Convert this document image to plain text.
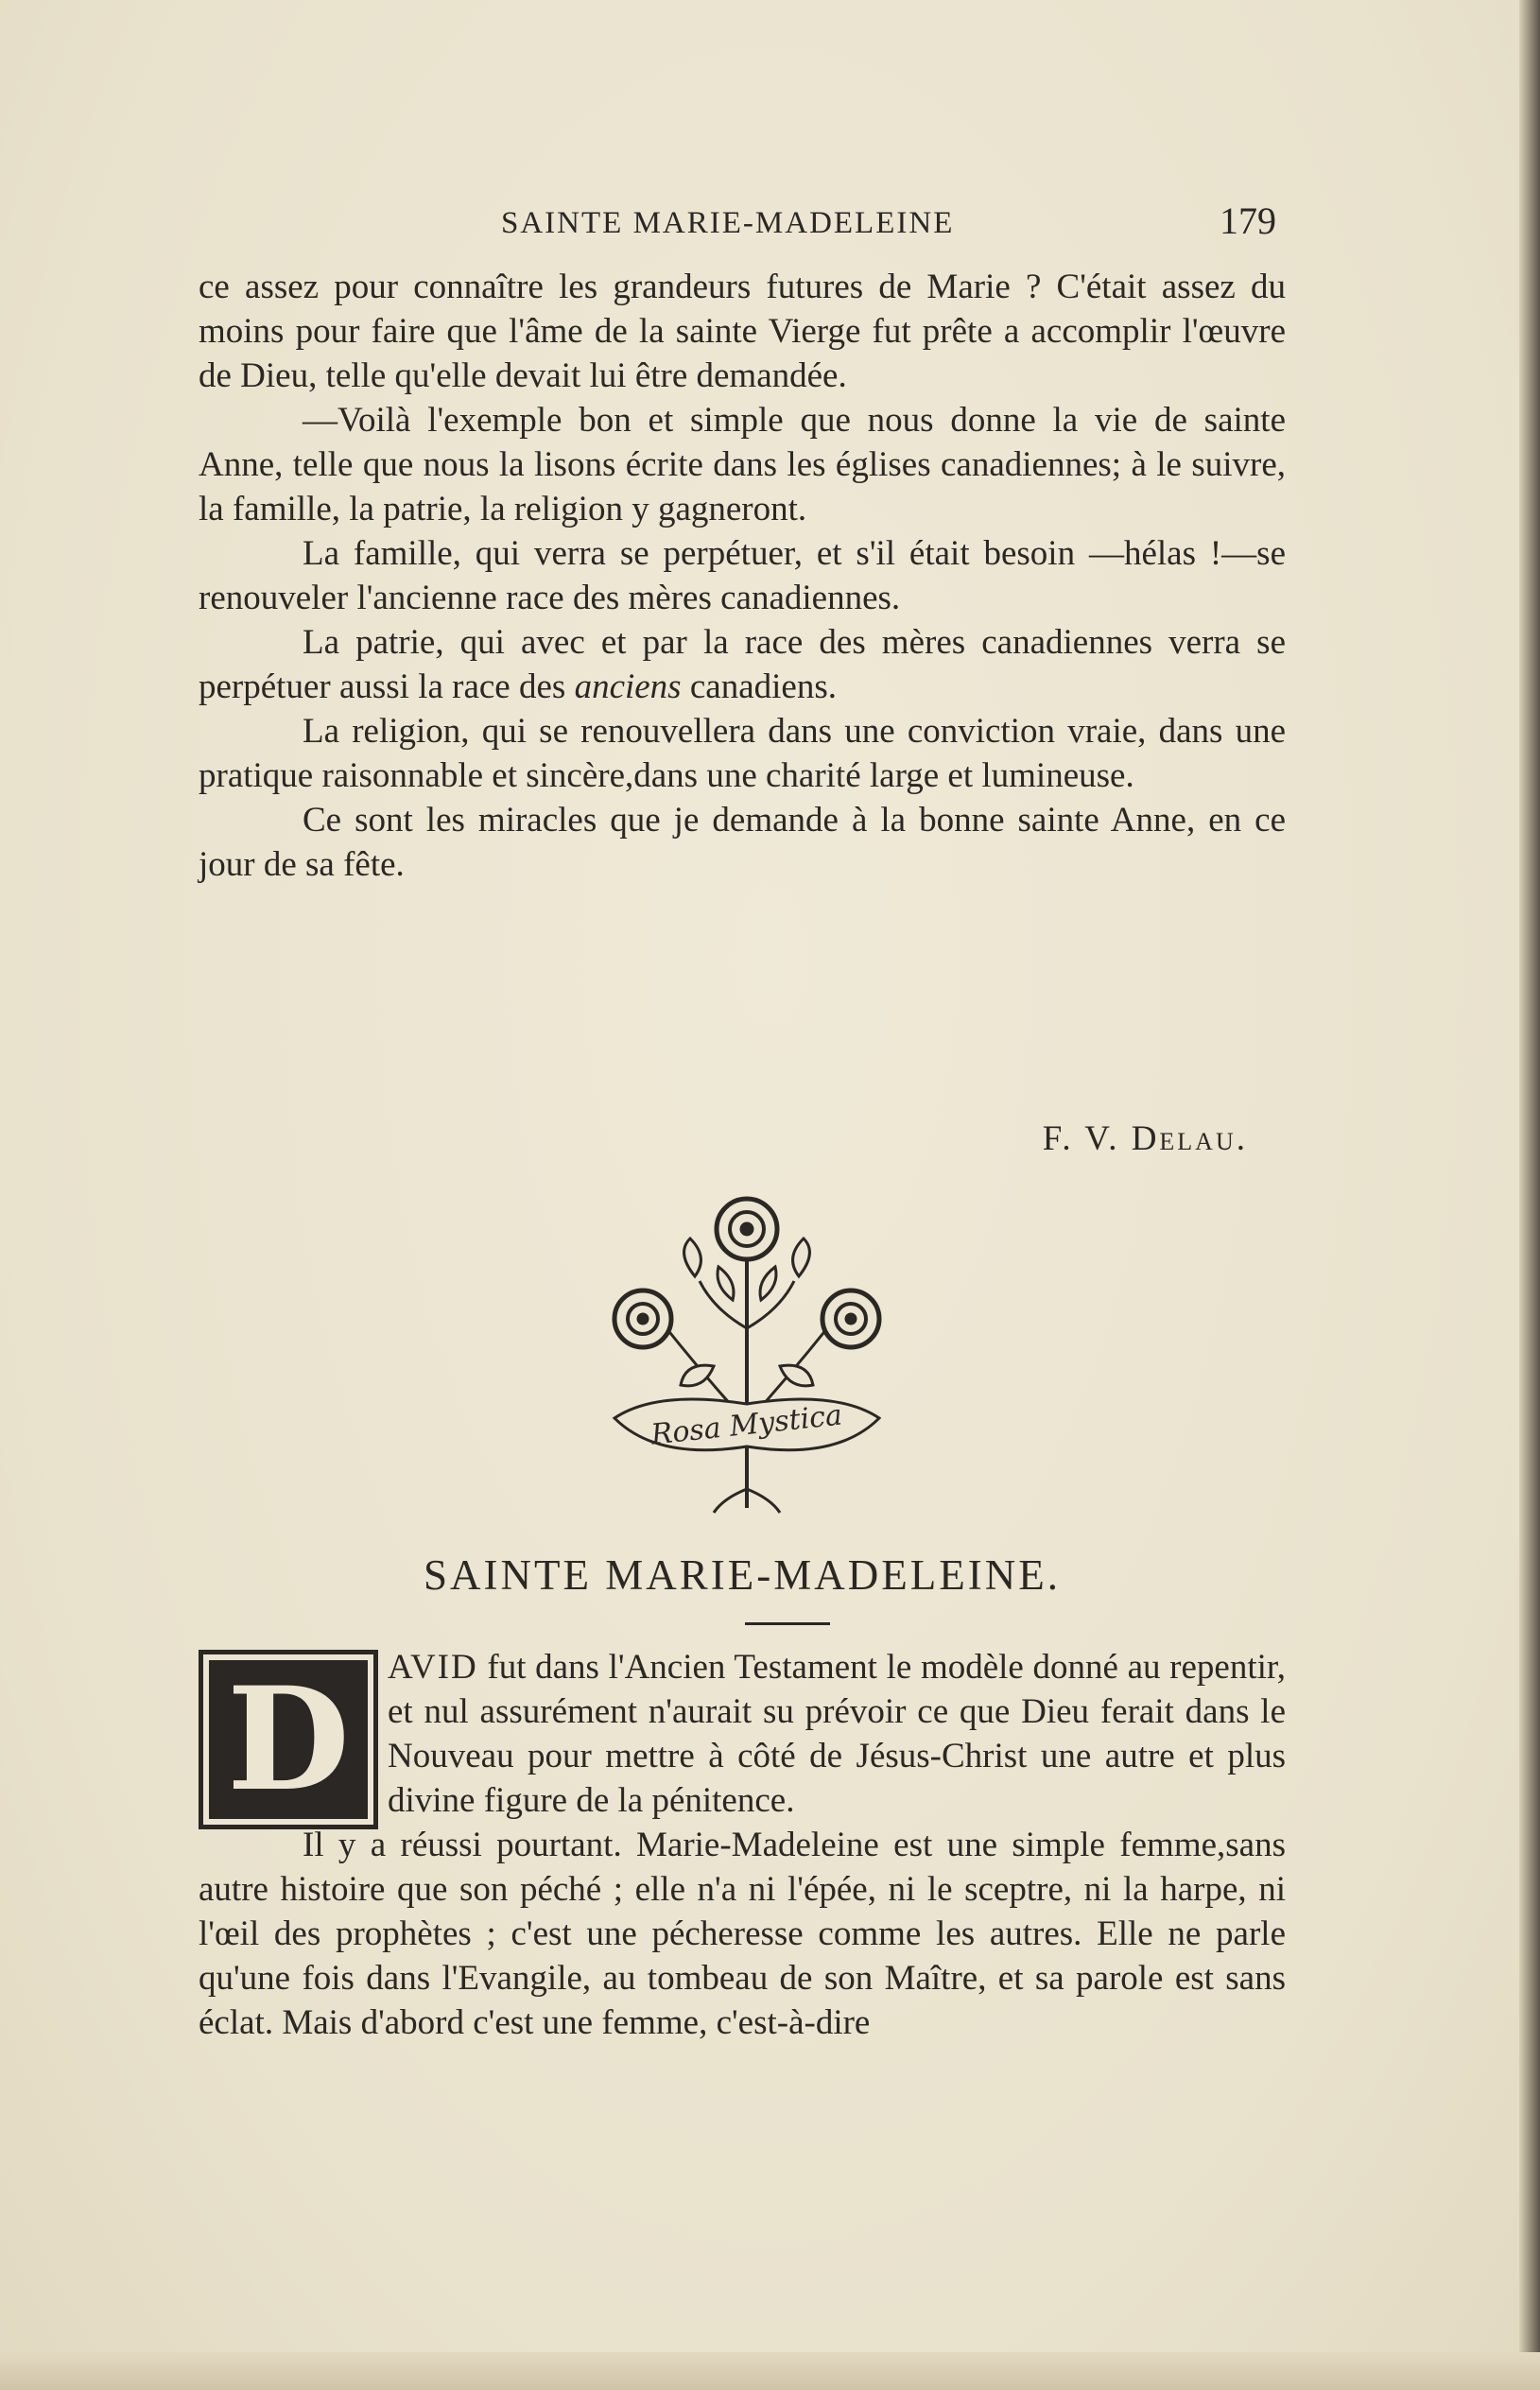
SAINTE MARIE-MADELEINE	179

ce assez pour connaître les grandeurs futures de Marie ? C'était assez du moins pour faire que l'âme de la sainte Vierge fut prête a accomplir l'œuvre de Dieu, telle qu'elle devait lui être demandée.

—Voilà l'exemple bon et simple que nous donne la vie de sainte Anne, telle que nous la lisons écrite dans les églises canadiennes; à le suivre, la famille, la patrie, la religion y gagneront.

La famille, qui verra se perpétuer, et s'il était besoin —hélas !—se renouveler l'ancienne race des mères canadiennes.

La patrie, qui avec et par la race des mères canadiennes verra se perpétuer aussi la race des anciens canadiens.

La religion, qui se renouvellera dans une conviction vraie, dans une pratique raisonnable et sincère,dans une charité large et lumineuse.

Ce sont les miracles que je demande à la bonne sainte Anne, en ce jour de sa fête.

F. V. Delau.
Rosa Mystica
SAINTE MARIE-MADELEINE.
D	AVID fut dans l'Ancien Testament le modèle donné au repentir, et nul assurément n'aurait su prévoir ce que Dieu ferait dans le Nouveau pour mettre à côté de Jésus-Christ une autre et plus divine figure de la pénitence.

Il y a réussi pourtant. Marie-Madeleine est une simple femme,sans autre histoire que son péché ; elle n'a ni l'épée, ni le sceptre, ni la harpe, ni l'œil des prophètes ; c'est une pécheresse comme les autres. Elle ne parle qu'une fois dans l'Evangile, au tombeau de son Maître, et sa parole est sans éclat. Mais d'abord c'est une femme, c'est-à-dire
